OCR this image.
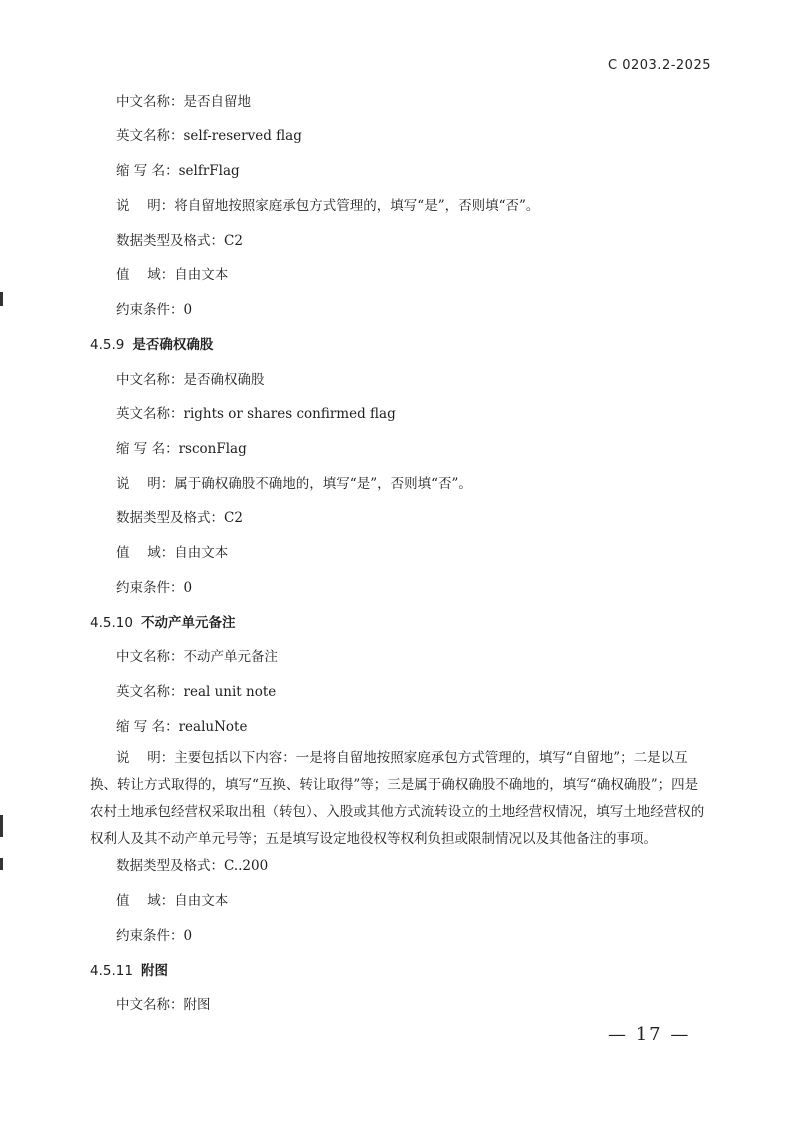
C 0203.2-2025
中文名称：是否自留地
英文名称：self-reserved flag
缩 写 名：selfrFlag
说　 明：将自留地按照家庭承包方式管理的，填写“是”，否则填“否”。
数据类型及格式：C2
值　 域：自由文本
约束条件：0
4.5.9 是否确权确股
中文名称：是否确权确股
英文名称：rights or shares confirmed flag
缩 写 名：rsconFlag
说　 明：属于确权确股不确地的，填写“是”，否则填“否”。
数据类型及格式：C2
值　 域：自由文本
约束条件：0
4.5.10 不动产单元备注
中文名称：不动产单元备注
英文名称：real unit note
缩 写 名：realuNote
说　 明：主要包括以下内容：一是将自留地按照家庭承包方式管理的，填写“自留地”；二是以互换、转让方式取得的，填写“互换、转让取得”等；三是属于确权确股不确地的，填写“确权确股”；四是农村土地承包经营权采取出租（转包）、入股或其他方式流转设立的土地经营权情况，填写土地经营权的权利人及其不动产单元号等；五是填写设定地役权等权利负担或限制情况以及其他备注的事项。
数据类型及格式：C..200
值　 域：自由文本
约束条件：0
4.5.11 附图
中文名称：附图
— 17 —
